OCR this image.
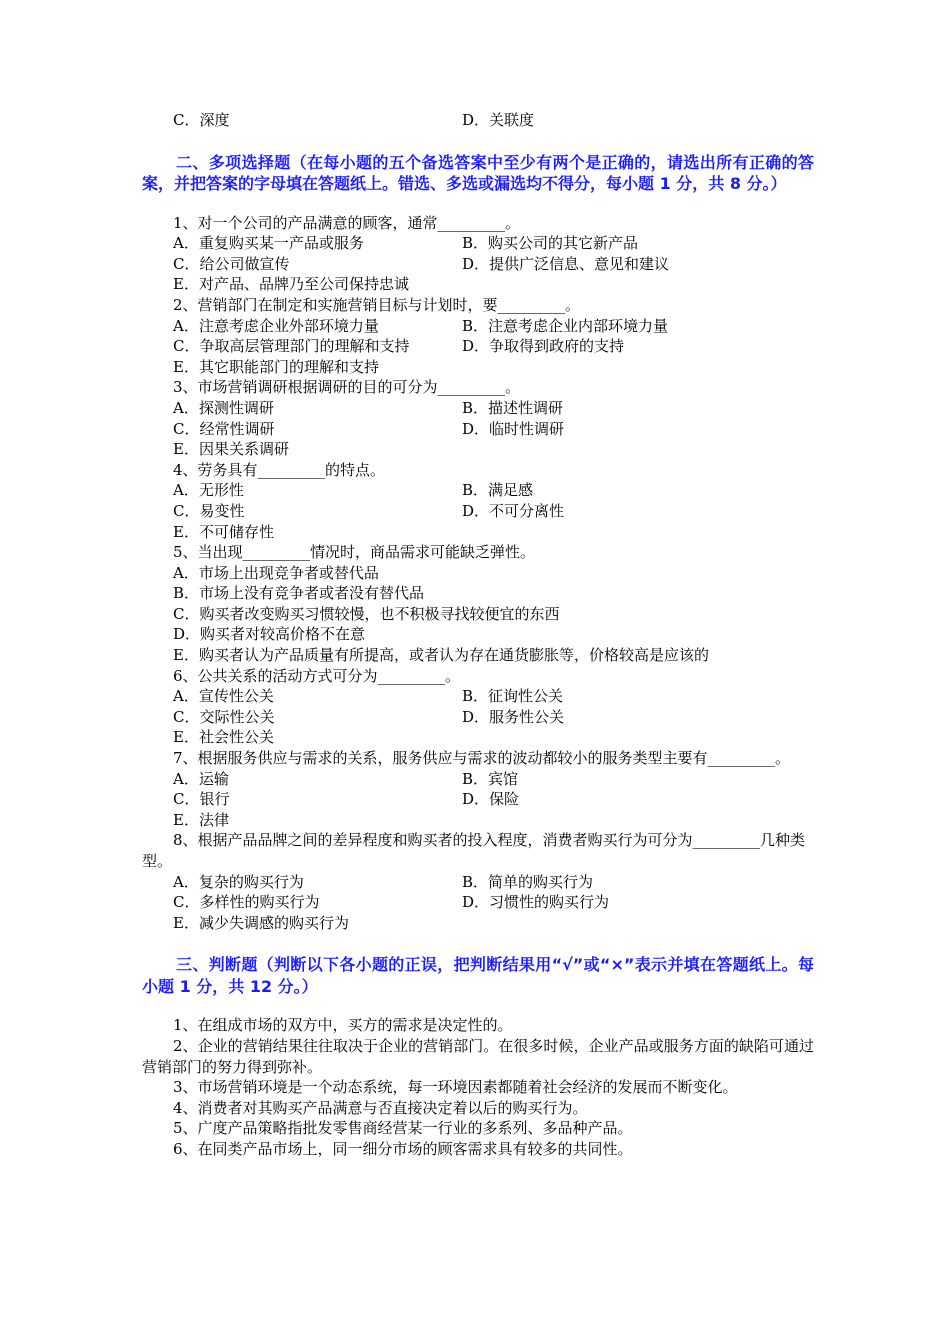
C．深度	D．关联度
二、多项选择题（在每小题的五个备选答案中至少有两个是正确的，请选出所有正确的答案，并把答案的字母填在答题纸上。错选、多选或漏选均不得分，每小题 1 分，共 8 分。）
1、对一个公司的产品满意的顾客，通常_________。
A．重复购买某一产品或服务	B．购买公司的其它新产品
C．给公司做宣传	D．提供广泛信息、意见和建议
E．对产品、品牌乃至公司保持忠诚
2、营销部门在制定和实施营销目标与计划时，要_________。
A．注意考虑企业外部环境力量	B．注意考虑企业内部环境力量
C．争取高层管理部门的理解和支持	D．争取得到政府的支持
E．其它职能部门的理解和支持
3、市场营销调研根据调研的目的可分为_________。
A．探测性调研	B．描述性调研
C．经常性调研	D．临时性调研
E．因果关系调研
4、劳务具有_________的特点。
A．无形性	B．满足感
C．易变性	D．不可分离性
E．不可储存性
5、当出现_________情况时，商品需求可能缺乏弹性。
A．市场上出现竞争者或替代品
B．市场上没有竞争者或者没有替代品
C．购买者改变购买习惯较慢，也不积极寻找较便宜的东西
D．购买者对较高价格不在意
E．购买者认为产品质量有所提高，或者认为存在通货膨胀等，价格较高是应该的
6、公共关系的活动方式可分为_________。
A．宣传性公关	B．征询性公关
C．交际性公关	D．服务性公关
E．社会性公关
7、根据服务供应与需求的关系，服务供应与需求的波动都较小的服务类型主要有_________。
A．运输	B．宾馆
C．银行	D．保险
E．法律
8、根据产品品牌之间的差异程度和购买者的投入程度，消费者购买行为可分为_________几种类型。
A．复杂的购买行为	B．简单的购买行为
C．多样性的购买行为	D．习惯性的购买行为
E．减少失调感的购买行为
三、判断题（判断以下各小题的正误，把判断结果用“√”或“×”表示并填在答题纸上。每小题 1 分，共 12 分。）
1、在组成市场的双方中，买方的需求是决定性的。
2、企业的营销结果往往取决于企业的营销部门。在很多时候，企业产品或服务方面的缺陷可通过营销部门的努力得到弥补。
3、市场营销环境是一个动态系统，每一环境因素都随着社会经济的发展而不断变化。
4、消费者对其购买产品满意与否直接决定着以后的购买行为。
5、广度产品策略指批发零售商经营某一行业的多系列、多品种产品。
6、在同类产品市场上，同一细分市场的顾客需求具有较多的共同性。
